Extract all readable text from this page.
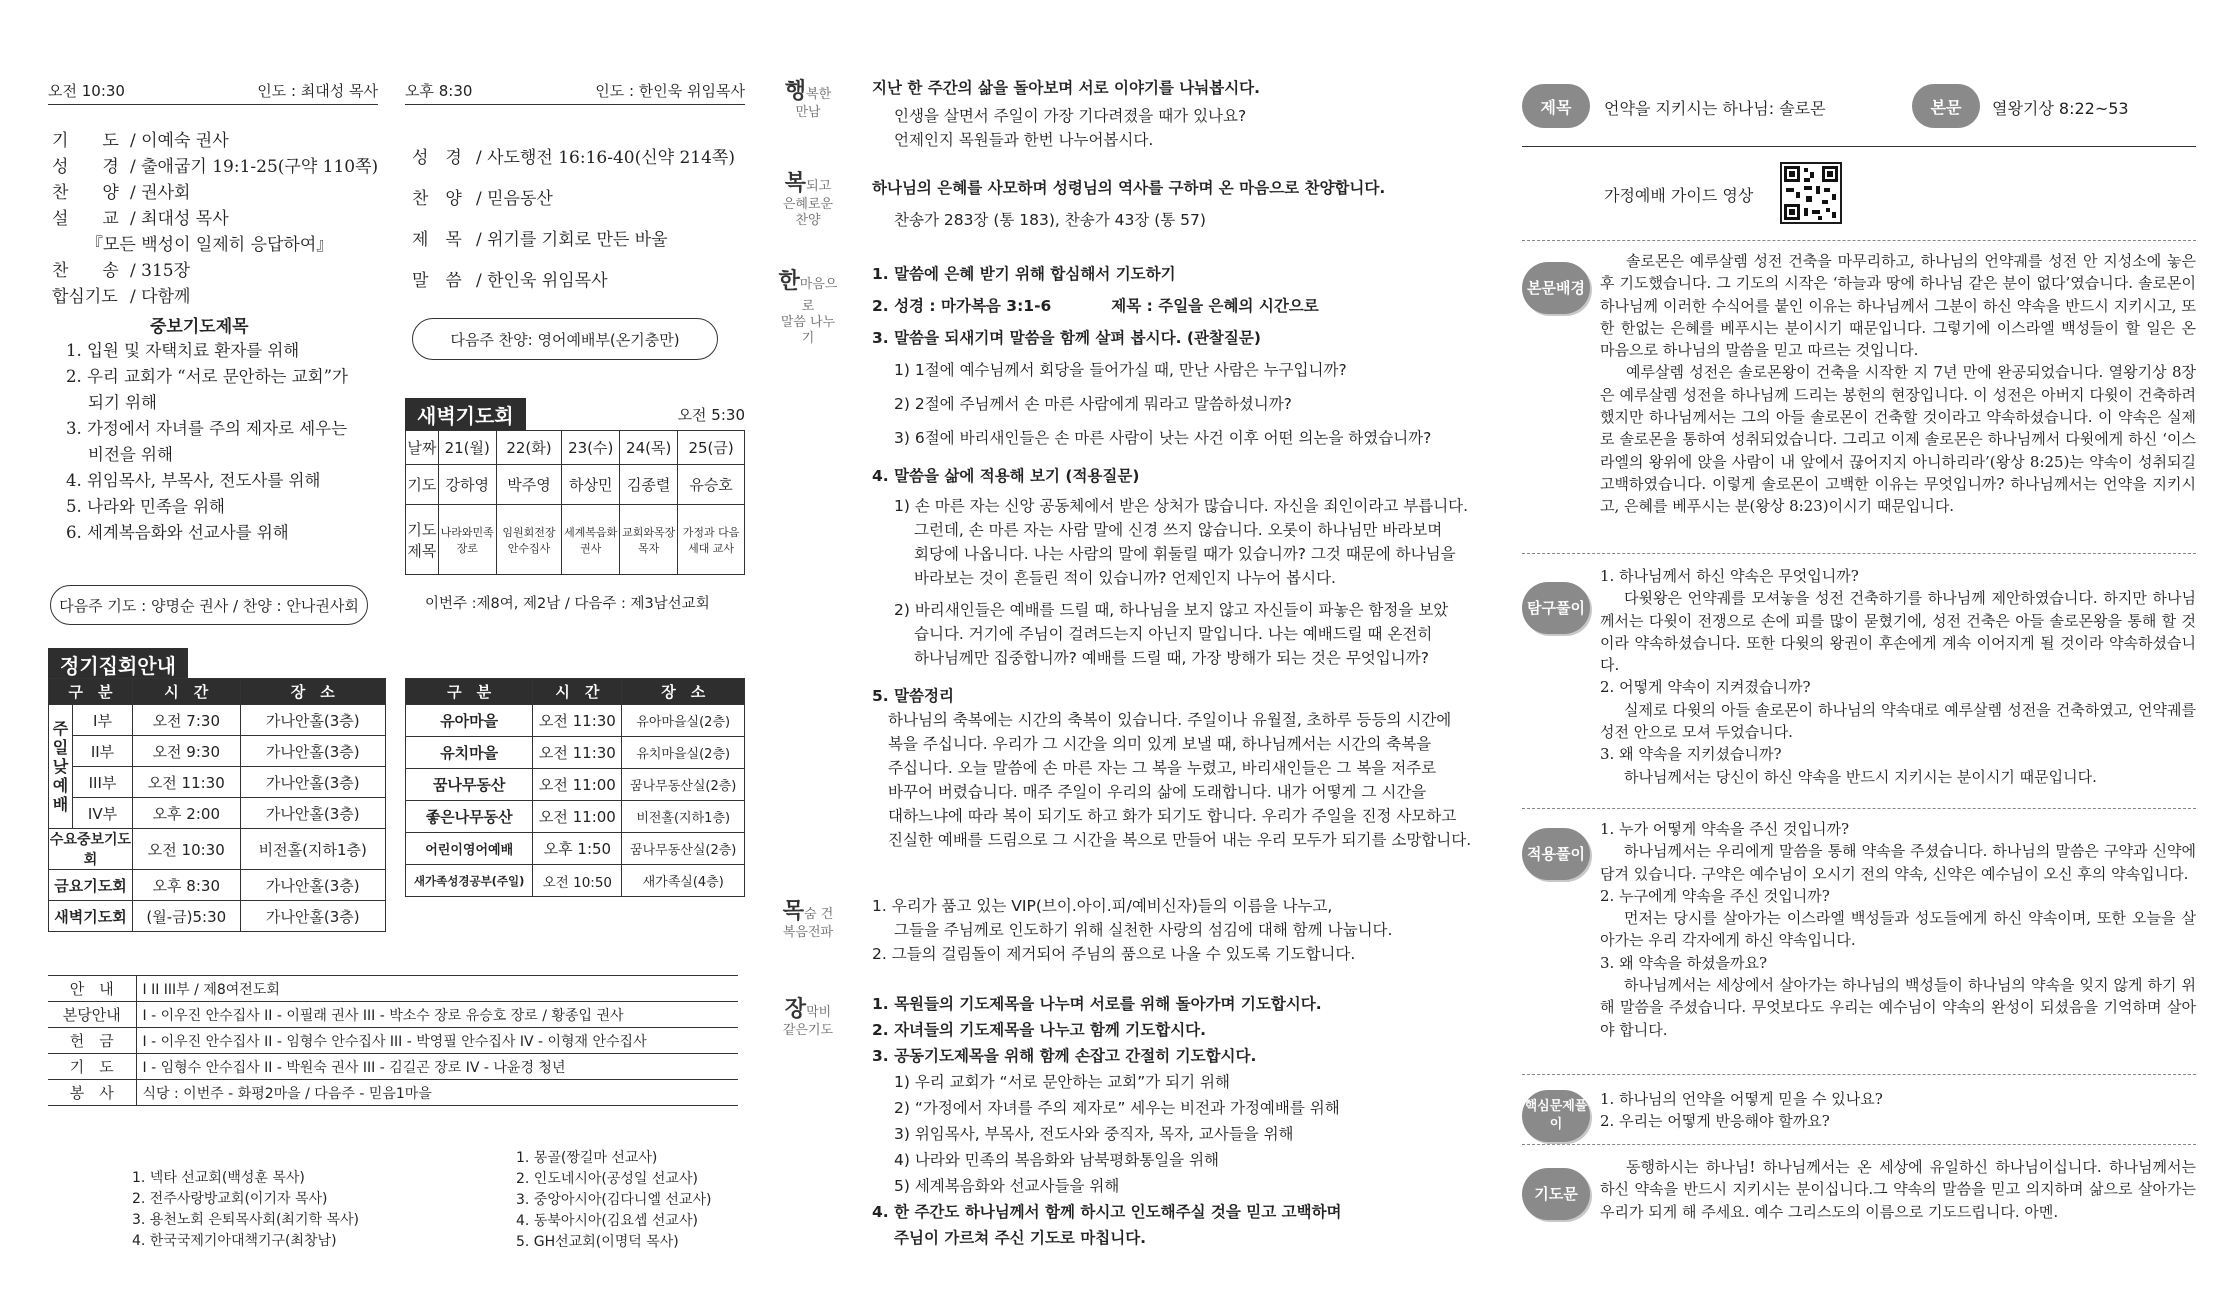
오전 10:30	인도 : 최대성 목사
기　　도 / 이예숙 권사
성　　경 / 출애굽기 19:1-25(구약 110쪽)
찬　　양 / 권사회
설　　교 / 최대성 목사
『모든 백성이 일제히 응답하여』
찬　　송 / 315장
합심기도 / 다함께
중보기도제목
1. 입원 및 자택치료 환자를 위해
2. 우리 교회가 “서로 문안하는 교회”가
되기 위해
3. 가정에서 자녀를 주의 제자로 세우는
비전을 위해
4. 위임목사, 부목사, 전도사를 위해
5. 나라와 민족을 위해
6. 세계복음화와 선교사를 위해
다음주 기도 : 양명순 권사 / 찬양 : 안나권사회
오후 8:30	인도 : 한인욱 위임목사
성　경 / 사도행전 16:16-40(신약 214쪽)
찬　양 / 믿음동산
제　목 / 위기를 기회로 만든 바울
말　씀 / 한인욱 위임목사
다음주 찬양: 영어예배부(온기충만)
새벽기도회	오전 5:30
날짜	21(월)	22(화)	23(수)	24(목)	25(금)
기도	강하영	박주영	하상민	김종렬	유승호
기도 제목	나라와민족 장로	임원회전장 안수집사	세계복음화 권사	교회와목장 목자	가정과 다음세대 교사
이번주 :제8여, 제2남 / 다음주 : 제3남선교회
정기집회안내
구　분		시　간	장　소
주일낮예배	I부	오전 7:30	가나안홀(3층)
	II부	오전 9:30	가나안홀(3층)
	III부	오전 11:30	가나안홀(3층)
	IV부	오후 2:00	가나안홀(3층)
수요중보기도회		오전 10:30	비전홀(지하1층)
금요기도회		오후 8:30	가나안홀(3층)
새벽기도회		(월-금)5:30	가나안홀(3층)
구　분	시　간	장　소
유아마을	오전 11:30	유아마을실(2층)
유치마을	오전 11:30	유치마을실(2층)
꿈나무동산	오전 11:00	꿈나무동산실(2층)
좋은나무동산	오전 11:00	비전홀(지하1층)
어린이영어예배	오후 1:50	꿈나무동산실(2층)
새가족성경공부(주일)	오전 10:50	새가족실(4층)
안　내	I II III부 / 제8여전도회
본당안내	I - 이우진 안수집사 II - 이필래 권사 III - 박소수 장로 유승호 장로 / 황종입 권사
헌　금	I - 이우진 안수집사 II - 임형수 안수집사 III - 박영필 안수집사 IV - 이형재 안수집사
기　도	I - 임형수 안수집사 II - 박원숙 권사 III - 김길곤 장로 IV - 나윤경 청년
봉　사	식당 : 이번주 - 화평2마을 / 다음주 - 믿음1마을
1. 넥타 선교회(백성훈 목사)
2. 전주사랑방교회(이기자 목사)
3. 용천노회 은퇴목사회(최기학 목사)
4. 한국국제기아대책기구(최창남)
1. 몽골(짱길마 선교사)
2. 인도네시아(공성일 선교사)
3. 중앙아시아(김다니엘 선교사)
4. 동북아시아(김요셉 선교사)
5. GH선교회(이명덕 목사)
행복한
만남

지난 한 주간의 삶을 돌아보며 서로 이야기를 나눠봅시다.

인생을 살면서 주일이 가장 기다려졌을 때가 있나요?

언제인지 목원들과 한번 나누어봅시다.

복되고
은혜로운 찬양

하나님의 은혜를 사모하며 성령님의 역사를 구하며 온 마음으로 찬양합니다.

찬송가 283장 (통 183), 찬송가 43장 (통 57)

한마음으로
말씀 나누기

1. 말씀에 은혜 받기 위해 합심해서 기도하기

2. 성경 : 마가복음 3:1-6	제목 : 주일을 은혜의 시간으로

3. 말씀을 되새기며 말씀을 함께 살펴 봅시다. (관찰질문)

1) 1절에 예수님께서 회당을 들어가실 때, 만난 사람은 누구입니까?

2) 2절에 주님께서 손 마른 사람에게 뭐라고 말씀하셨니까?

3) 6절에 바리새인들은 손 마른 사람이 낫는 사건 이후 어떤 의논을 하였습니까?

4. 말씀을 삶에 적용해 보기 (적용질문)

1) 손 마른 자는 신앙 공동체에서 받은 상처가 많습니다. 자신을 죄인이라고 부릅니다.

그런데, 손 마른 자는 사람 말에 신경 쓰지 않습니다. 오롯이 하나님만 바라보며

회당에 나옵니다. 나는 사람의 말에 휘둘릴 때가 있습니까? 그것 때문에 하나님을

바라보는 것이 흔들린 적이 있습니까? 언제인지 나누어 봅시다.

2) 바리새인들은 예배를 드릴 때, 하나님을 보지 않고 자신들이 파놓은 함정을 보았

습니다. 거기에 주님이 걸려드는지 아닌지 말입니다. 나는 예배드릴 때 온전히

하나님께만 집중합니까? 예배를 드릴 때, 가장 방해가 되는 것은 무엇입니까?

5. 말씀정리

하나님의 축복에는 시간의 축복이 있습니다. 주일이나 유월절, 초하루 등등의 시간에

복을 주십니다. 우리가 그 시간을 의미 있게 보낼 때, 하나님께서는 시간의 축복을

주십니다. 오늘 말씀에 손 마른 자는 그 복을 누렸고, 바리새인들은 그 복을 저주로

바꾸어 버렸습니다. 매주 주일이 우리의 삶에 도래합니다. 내가 어떻게 그 시간을

대하느냐에 따라 복이 되기도 하고 화가 되기도 합니다. 우리가 주일을 진정 사모하고

진실한 예배를 드림으로 그 시간을 복으로 만들어 내는 우리 모두가 되기를 소망합니다.

목숨 건
복음전파

1. 우리가 품고 있는 VIP(브이.아이.피/예비신자)들의 이름을 나누고,

그들을 주님께로 인도하기 위해 실천한 사랑의 섬김에 대해 함께 나눕니다.

2. 그들의 걸림돌이 제거되어 주님의 품으로 나올 수 있도록 기도합니다.

장막비
같은기도

1. 목원들의 기도제목을 나누며 서로를 위해 돌아가며 기도합시다.

2. 자녀들의 기도제목을 나누고 함께 기도합시다.

3. 공동기도제목을 위해 함께 손잡고 간절히 기도합시다.

1) 우리 교회가 “서로 문안하는 교회”가 되기 위해

2) “가정에서 자녀를 주의 제자로” 세우는 비전과 가정예배를 위해

3) 위임목사, 부목사, 전도사와 중직자, 목자, 교사들을 위해

4) 나라와 민족의 복음화와 남북평화통일을 위해

5) 세계복음화와 선교사들을 위해

4. 한 주간도 하나님께서 함께 하시고 인도해주실 것을 믿고 고백하며

주님이 가르쳐 주신 기도로 마칩니다.

제목	언약을 지키시는 하나님: 솔로몬	본문	열왕기상 8:22~53
가정예배 가이드 영상
본문배경

솔로몬은 예루살렘 성전 건축을 마무리하고, 하나님의 언약궤를 성전 안 지성소에 놓은 후 기도했습니다. 그 기도의 시작은 ‘하늘과 땅에 하나님 같은 분이 없다’였습니다. 솔로몬이 하나님께 이러한 수식어를 붙인 이유는 하나님께서 그분이 하신 약속을 반드시 지키시고, 또한 한없는 은혜를 베푸시는 분이시기 때문입니다. 그렇기에 이스라엘 백성들이 할 일은 온 마음으로 하나님의 말씀을 믿고 따르는 것입니다.

예루살렘 성전은 솔로몬왕이 건축을 시작한 지 7년 만에 완공되었습니다. 열왕기상 8장은 예루살렘 성전을 하나님께 드리는 봉헌의 현장입니다. 이 성전은 아버지 다윗이 건축하려 했지만 하나님께서는 그의 아들 솔로몬이 건축할 것이라고 약속하셨습니다. 이 약속은 실제로 솔로몬을 통하여 성취되었습니다. 그리고 이제 솔로몬은 하나님께서 다윗에게 하신 ‘이스라엘의 왕위에 앉을 사람이 내 앞에서 끊어지지 아니하리라’(왕상 8:25)는 약속이 성취되길 고백하였습니다. 이렇게 솔로몬이 고백한 이유는 무엇입니까? 하나님께서는 언약을 지키시고, 은혜를 베푸시는 분(왕상 8:23)이시기 때문입니다.

탐구풀이

1. 하나님께서 하신 약속은 무엇입니까?

다윗왕은 언약궤를 모셔놓을 성전 건축하기를 하나님께 제안하였습니다. 하지만 하나님께서는 다윗이 전쟁으로 손에 피를 많이 묻혔기에, 성전 건축은 아들 솔로몬왕을 통해 할 것이라 약속하셨습니다. 또한 다윗의 왕권이 후손에게 계속 이어지게 될 것이라 약속하셨습니다.

2. 어떻게 약속이 지켜졌습니까?

실제로 다윗의 아들 솔로몬이 하나님의 약속대로 예루살렘 성전을 건축하였고, 언약궤를 성전 안으로 모셔 두었습니다.

3. 왜 약속을 지키셨습니까?

하나님께서는 당신이 하신 약속을 반드시 지키시는 분이시기 때문입니다.

적용풀이

1. 누가 어떻게 약속을 주신 것입니까?

하나님께서는 우리에게 말씀을 통해 약속을 주셨습니다. 하나님의 말씀은 구약과 신약에 담겨 있습니다. 구약은 예수님이 오시기 전의 약속, 신약은 예수님이 오신 후의 약속입니다.

2. 누구에게 약속을 주신 것입니까?

먼저는 당시를 살아가는 이스라엘 백성들과 성도들에게 하신 약속이며, 또한 오늘을 살아가는 우리 각자에게 하신 약속입니다.

3. 왜 약속을 하셨을까요?

하나님께서는 세상에서 살아가는 하나님의 백성들이 하나님의 약속을 잊지 않게 하기 위해 말씀을 주셨습니다. 무엇보다도 우리는 예수님이 약속의 완성이 되셨음을 기억하며 살아야 합니다.

핵심문제풀이

1. 하나님의 언약을 어떻게 믿을 수 있나요?

2. 우리는 어떻게 반응해야 할까요?

기도문

동행하시는 하나님! 하나님께서는 온 세상에 유일하신 하나님이십니다. 하나님께서는 하신 약속을 반드시 지키시는 분이십니다.그 약속의 말씀을 믿고 의지하며 삶으로 살아가는 우리가 되게 해 주세요. 예수 그리스도의 이름으로 기도드립니다. 아멘.
